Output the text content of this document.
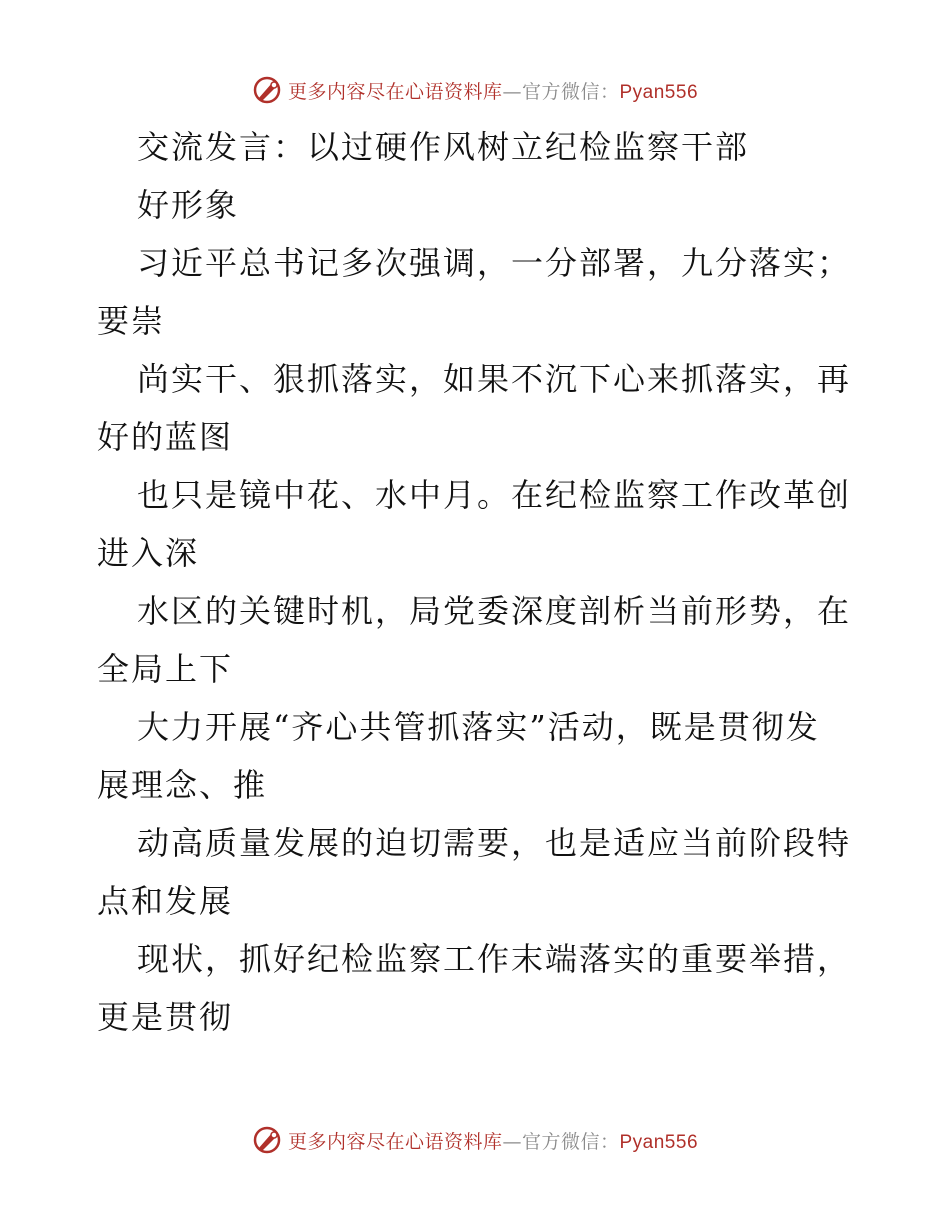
更多内容尽在心语资料库—官方微信：Pyan556
交流发言：以过硬作风树立纪检监察干部
好形象
习近平总书记多次强调，一分部署，九分落实；
要崇
尚实干、狠抓落实，如果不沉下心来抓落实，再
好的蓝图
也只是镜中花、水中月。在纪检监察工作改革创
进入深
水区的关键时机，局党委深度剖析当前形势，在
全局上下
大力开展“齐心共管抓落实”活动，既是贯彻发
展理念、推
动高质量发展的迫切需要，也是适应当前阶段特
点和发展
现状，抓好纪检监察工作末端落实的重要举措，
更是贯彻
更多内容尽在心语资料库—官方微信：Pyan556
